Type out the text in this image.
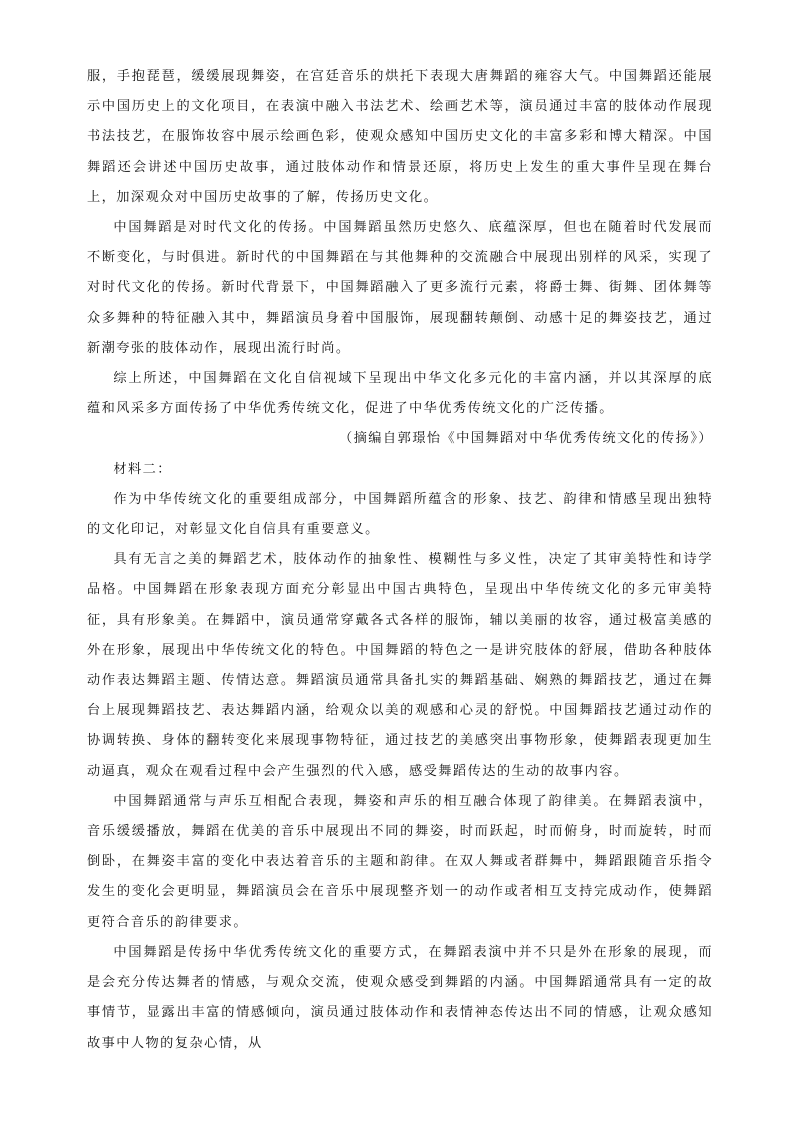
服，手抱琵琶，缓缓展现舞姿，在宫廷音乐的烘托下表现大唐舞蹈的雍容大气。中国舞蹈还能展示中国历史上的文化项目，在表演中融入书法艺术、绘画艺术等，演员通过丰富的肢体动作展现书法技艺，在服饰妆容中展示绘画色彩，使观众感知中国历史文化的丰富多彩和博大精深。中国舞蹈还会讲述中国历史故事，通过肢体动作和情景还原，将历史上发生的重大事件呈现在舞台上，加深观众对中国历史故事的了解，传扬历史文化。

中国舞蹈是对时代文化的传扬。中国舞蹈虽然历史悠久、底蕴深厚，但也在随着时代发展而不断变化，与时俱进。新时代的中国舞蹈在与其他舞种的交流融合中展现出别样的风采，实现了对时代文化的传扬。新时代背景下，中国舞蹈融入了更多流行元素，将爵士舞、街舞、团体舞等众多舞种的特征融入其中，舞蹈演员身着中国服饰，展现翻转颠倒、动感十足的舞姿技艺，通过新潮夸张的肢体动作，展现出流行时尚。

综上所述，中国舞蹈在文化自信视域下呈现出中华文化多元化的丰富内涵，并以其深厚的底蕴和风采多方面传扬了中华优秀传统文化，促进了中华优秀传统文化的广泛传播。

（摘编自郭璟怡《中国舞蹈对中华优秀传统文化的传扬》）

材料二：

作为中华传统文化的重要组成部分，中国舞蹈所蕴含的形象、技艺、韵律和情感呈现出独特的文化印记，对彰显文化自信具有重要意义。

具有无言之美的舞蹈艺术，肢体动作的抽象性、模糊性与多义性，决定了其审美特性和诗学品格。中国舞蹈在形象表现方面充分彰显出中国古典特色，呈现出中华传统文化的多元审美特征，具有形象美。在舞蹈中，演员通常穿戴各式各样的服饰，辅以美丽的妆容，通过极富美感的外在形象，展现出中华传统文化的特色。中国舞蹈的特色之一是讲究肢体的舒展，借助各种肢体动作表达舞蹈主题、传情达意。舞蹈演员通常具备扎实的舞蹈基础、娴熟的舞蹈技艺，通过在舞台上展现舞蹈技艺、表达舞蹈内涵，给观众以美的观感和心灵的舒悦。中国舞蹈技艺通过动作的协调转换、身体的翻转变化来展现事物特征，通过技艺的美感突出事物形象，使舞蹈表现更加生动逼真，观众在观看过程中会产生强烈的代入感，感受舞蹈传达的生动的故事内容。

中国舞蹈通常与声乐互相配合表现，舞姿和声乐的相互融合体现了韵律美。在舞蹈表演中，音乐缓缓播放，舞蹈在优美的音乐中展现出不同的舞姿，时而跃起，时而俯身，时而旋转，时而倒卧，在舞姿丰富的变化中表达着音乐的主题和韵律。在双人舞或者群舞中，舞蹈跟随音乐指令发生的变化会更明显，舞蹈演员会在音乐中展现整齐划一的动作或者相互支持完成动作，使舞蹈更符合音乐的韵律要求。

中国舞蹈是传扬中华优秀传统文化的重要方式，在舞蹈表演中并不只是外在形象的展现，而是会充分传达舞者的情感，与观众交流，使观众感受到舞蹈的内涵。中国舞蹈通常具有一定的故事情节，显露出丰富的情感倾向，演员通过肢体动作和表情神态传达出不同的情感，让观众感知故事中人物的复杂心情，从
